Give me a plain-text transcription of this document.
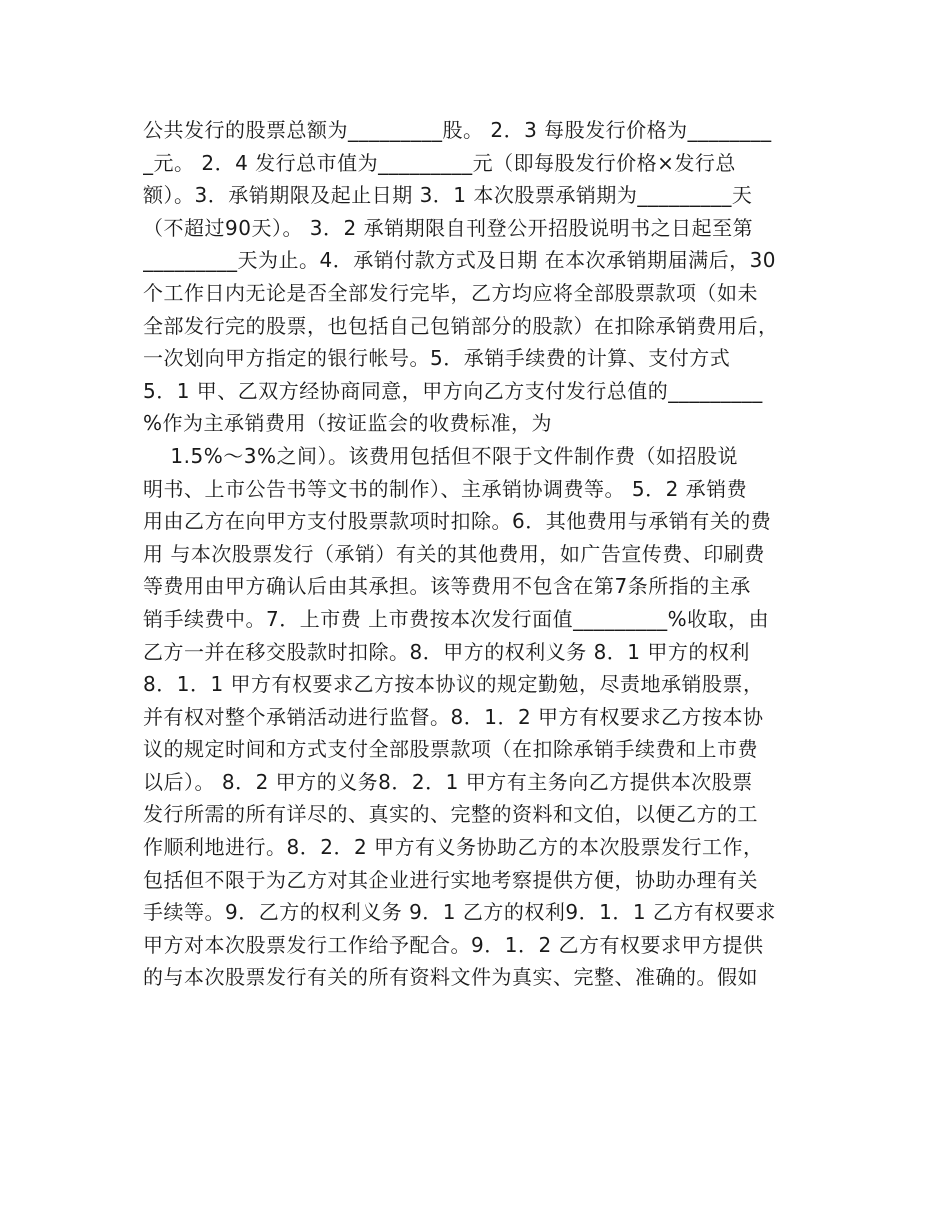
公共发行的股票总额为_________股。 2．3 每股发行价格为________
_元。 2．4 发行总市值为_________元（即每股发行价格×发行总
额）。3．承销期限及起止日期 3．1 本次股票承销期为_________天
（不超过90天）。 3．2 承销期限自刊登公开招股说明书之日起至第
_________天为止。4．承销付款方式及日期 在本次承销期届满后，30
个工作日内无论是否全部发行完毕，乙方均应将全部股票款项（如未
全部发行完的股票，也包括自己包销部分的股款）在扣除承销费用后，
一次划向甲方指定的银行帐号。5．承销手续费的计算、支付方式
5．1 甲、乙双方经协商同意，甲方向乙方支付发行总值的_________
%作为主承销费用（按证监会的收费标准，为
1.5%～3%之间）。该费用包括但不限于文件制作费（如招股说
明书、上市公告书等文书的制作）、主承销协调费等。 5．2 承销费
用由乙方在向甲方支付股票款项时扣除。6．其他费用与承销有关的费
用 与本次股票发行（承销）有关的其他费用，如广告宣传费、印刷费
等费用由甲方确认后由其承担。该等费用不包含在第7条所指的主承
销手续费中。7．上市费 上市费按本次发行面值_________%收取，由
乙方一并在移交股款时扣除。8．甲方的权利义务 8．1 甲方的权利
8．1．1 甲方有权要求乙方按本协议的规定勤勉，尽责地承销股票，
并有权对整个承销活动进行监督。8．1．2 甲方有权要求乙方按本协
议的规定时间和方式支付全部股票款项（在扣除承销手续费和上市费
以后）。 8．2 甲方的义务8．2．1 甲方有主务向乙方提供本次股票
发行所需的所有详尽的、真实的、完整的资料和文伯，以便乙方的工
作顺利地进行。8．2．2 甲方有义务协助乙方的本次股票发行工作，
包括但不限于为乙方对其企业进行实地考察提供方便，协助办理有关
手续等。9．乙方的权利义务 9．1 乙方的权利9．1．1 乙方有权要求
甲方对本次股票发行工作给予配合。9．1．2 乙方有权要求甲方提供
的与本次股票发行有关的所有资料文件为真实、完整、准确的。假如
